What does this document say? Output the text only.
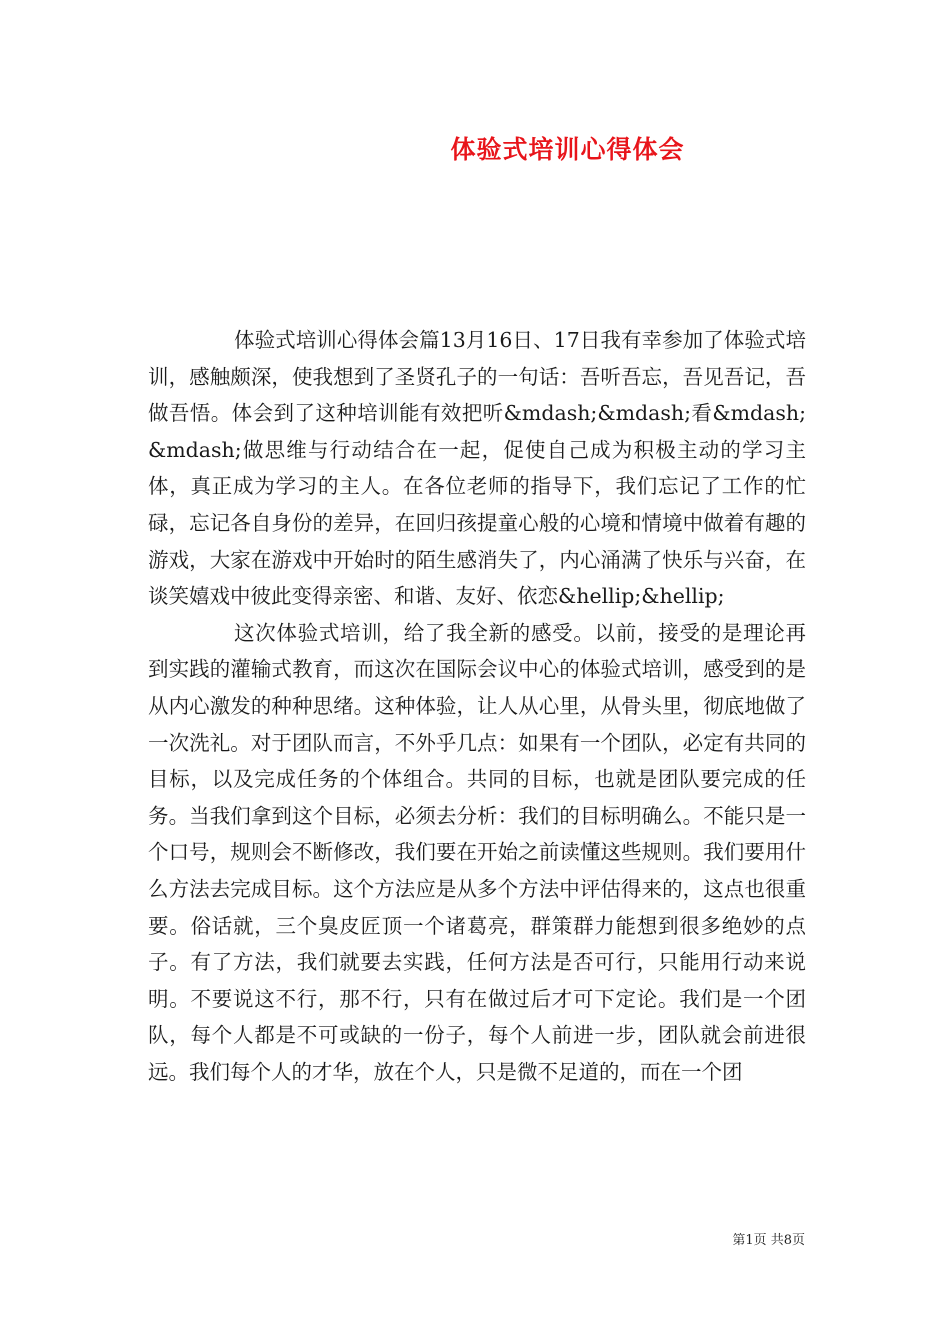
体验式培训心得体会

体验式培训心得体会篇13月16日、17日我有幸参加了体验式培训，感触颇深，使我想到了圣贤孔子的一句话：吾听吾忘，吾见吾记，吾做吾悟。体会到了这种培训能有效把听&mdash;&mdash;看&mdash;&mdash;做思维与行动结合在一起，促使自己成为积极主动的学习主体，真正成为学习的主人。在各位老师的指导下，我们忘记了工作的忙碌，忘记各自身份的差异，在回归孩提童心般的心境和情境中做着有趣的游戏，大家在游戏中开始时的陌生感消失了，内心涌满了快乐与兴奋，在谈笑嬉戏中彼此变得亲密、和谐、友好、依恋&hellip;&hellip;

这次体验式培训，给了我全新的感受。以前，接受的是理论再到实践的灌输式教育，而这次在国际会议中心的体验式培训，感受到的是从内心激发的种种思绪。这种体验，让人从心里，从骨头里，彻底地做了一次洗礼。对于团队而言，不外乎几点：如果有一个团队，必定有共同的目标，以及完成任务的个体组合。共同的目标，也就是团队要完成的任务。当我们拿到这个目标，必须去分析：我们的目标明确么。不能只是一个口号，规则会不断修改，我们要在开始之前读懂这些规则。我们要用什么方法去完成目标。这个方法应是从多个方法中评估得来的，这点也很重要。俗话就，三个臭皮匠顶一个诸葛亮，群策群力能想到很多绝妙的点子。有了方法，我们就要去实践，任何方法是否可行，只能用行动来说明。不要说这不行，那不行，只有在做过后才可下定论。我们是一个团队，每个人都是不可或缺的一份子，每个人前进一步，团队就会前进很远。我们每个人的才华，放在个人，只是微不足道的，而在一个团

第1页 共8页
